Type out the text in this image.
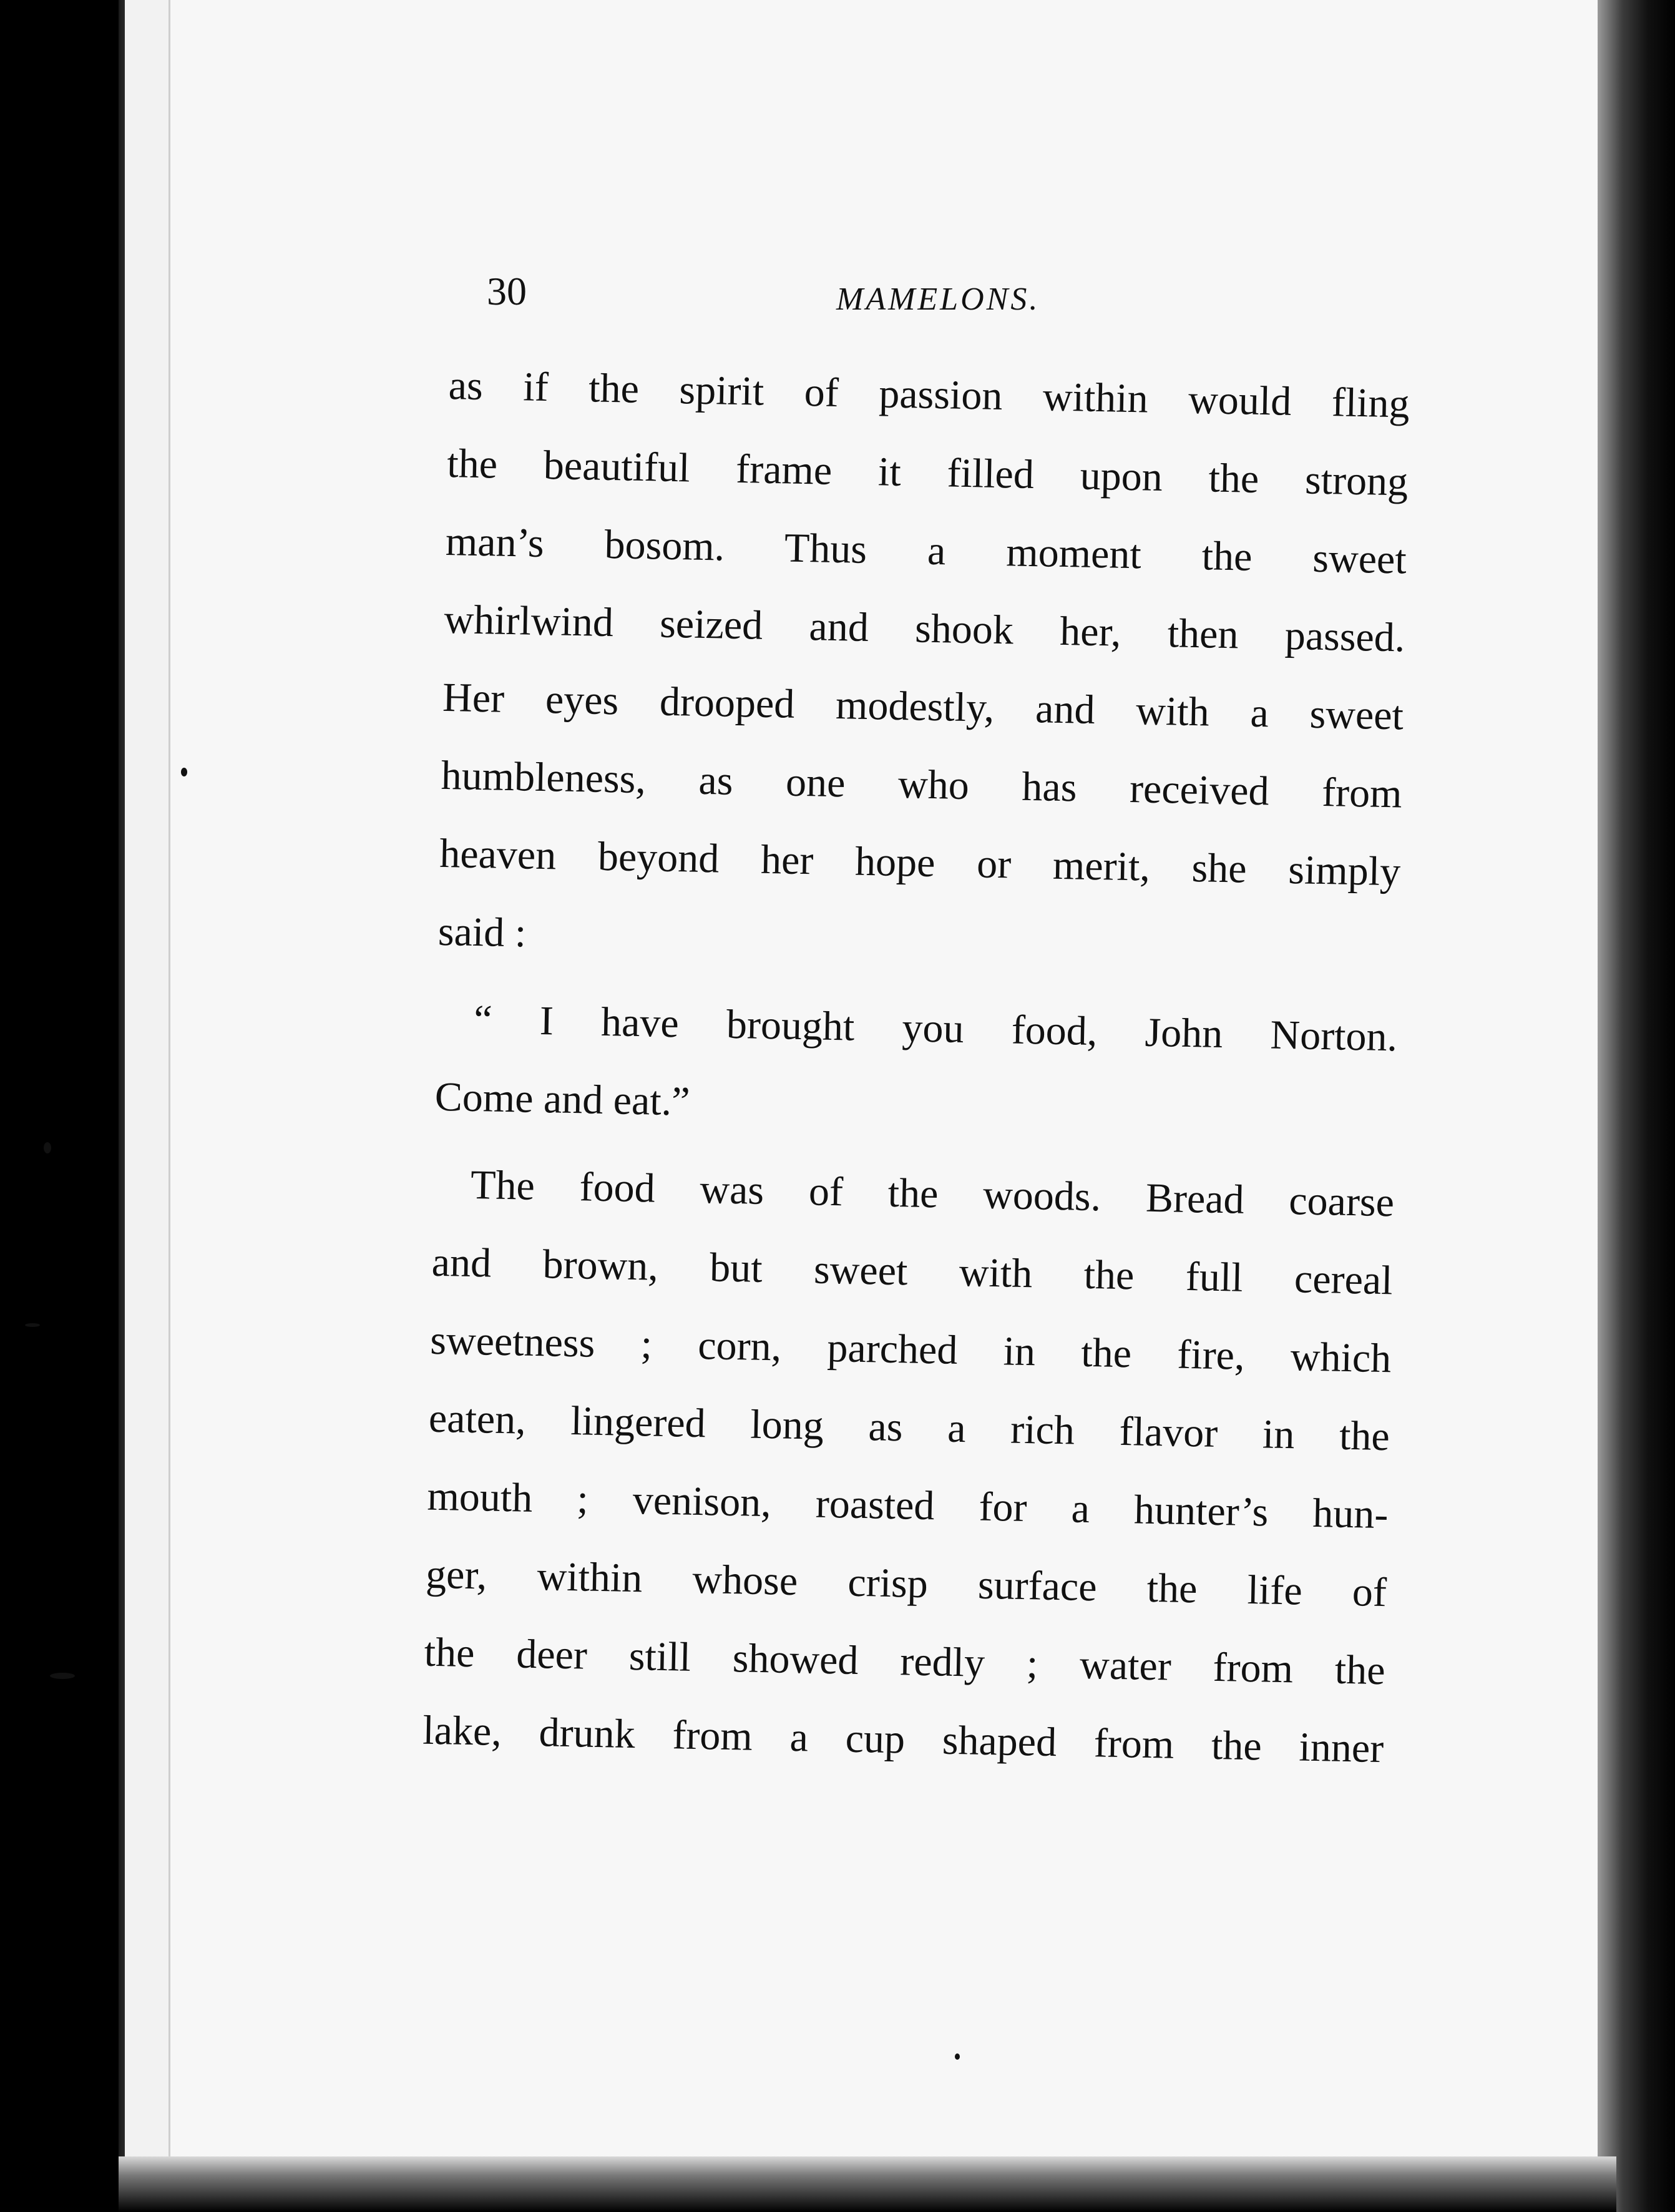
30	MAMELONS.
as if the spirit of passion within would fling
the beautiful frame it filled upon the strong
man’s bosom. Thus a moment the sweet
whirlwind seized and shook her, then passed.
Her eyes drooped modestly, and with a sweet
humbleness, as one who has received from
heaven beyond her hope or merit, she simply
said :
“ I have brought you food, John Norton.
Come and eat.”
The food was of the woods. Bread coarse
and brown, but sweet with the full cereal
sweetness ; corn, parched in the fire, which
eaten, lingered long as a rich flavor in the
mouth ; venison, roasted for a hunter’s hun-
ger, within whose crisp surface the life of
the deer still showed redly ; water from the
lake, drunk from a cup shaped from the inner
